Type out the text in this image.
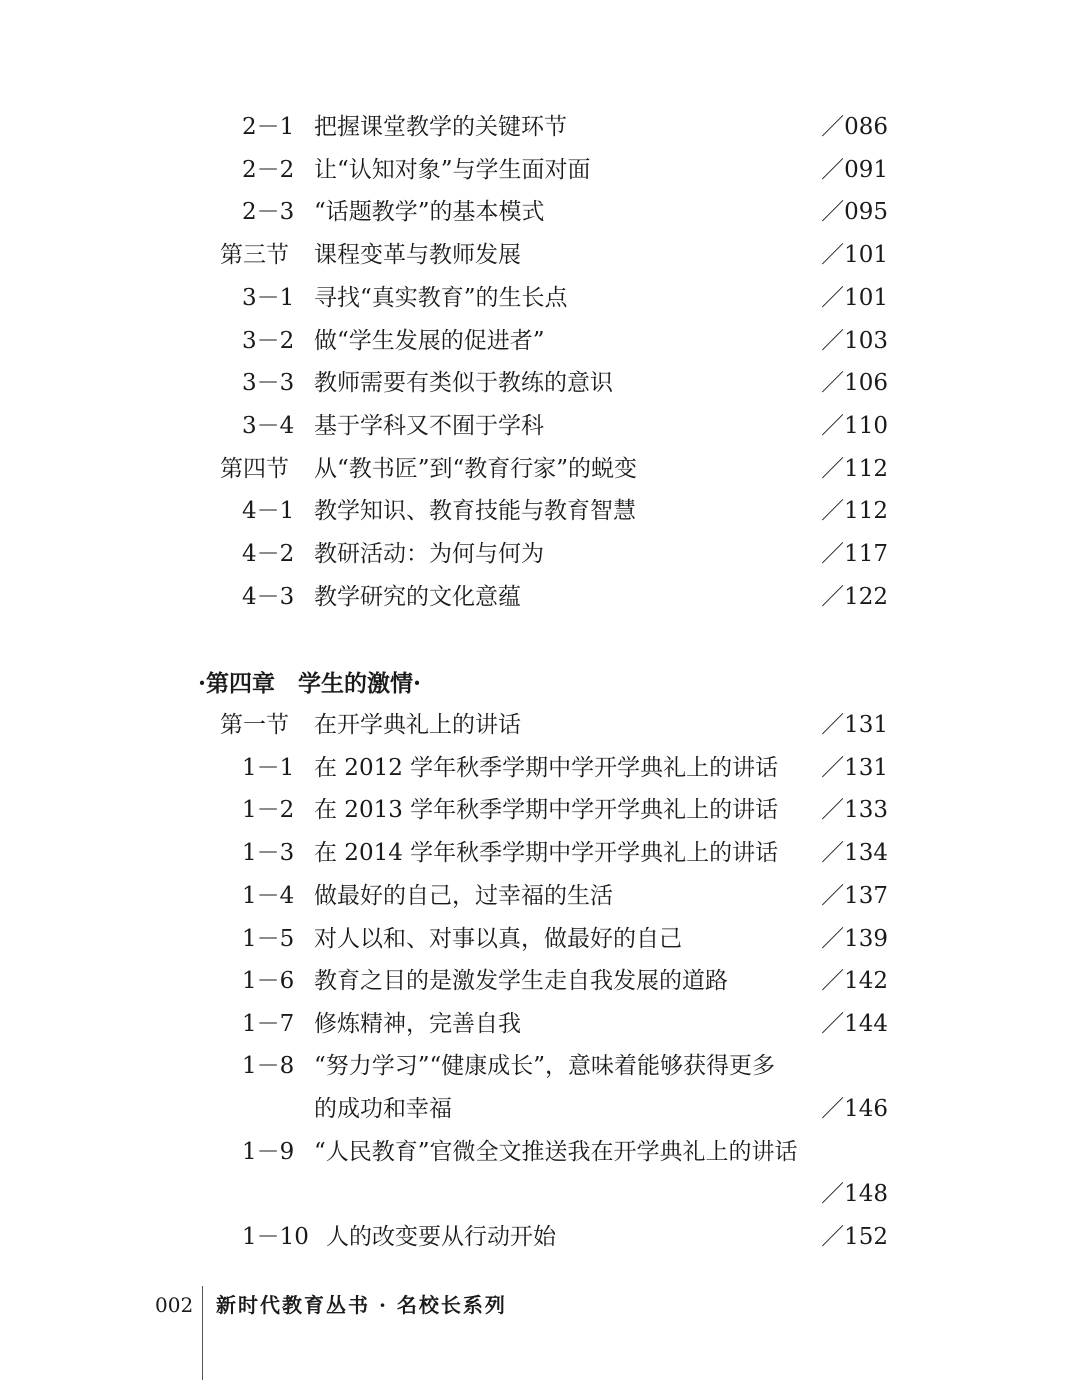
2－1 把握课堂教学的关键环节	／086
2－2 让“认知对象”与学生面对面	／091
2－3 “话题教学”的基本模式	／095
第三节 课程变革与教师发展	／101
3－1 寻找“真实教育”的生长点	／101
3－2 做“学生发展的促进者”	／103
3－3 教师需要有类似于教练的意识	／106
3－4 基于学科又不囿于学科	／110
第四节 从“教书匠”到“教育行家”的蜕变	／112
4－1 教学知识、教育技能与教育智慧	／112
4－2 教研活动：为何与何为	／117
4－3 教学研究的文化意蕴	／122
·第四章　学生的激情·
第一节 在开学典礼上的讲话	／131
1－1 在 2012 学年秋季学期中学开学典礼上的讲话 ／131
1－2 在 2013 学年秋季学期中学开学典礼上的讲话 ／133
1－3 在 2014 学年秋季学期中学开学典礼上的讲话 ／134
1－4 做最好的自己，过幸福的生活	／137
1－5 对人以和、对事以真，做最好的自己	／139
1－6 教育之目的是激发学生走自我发展的道路	／142
1－7 修炼精神，完善自我	／144
1－8 “努力学习”“健康成长”，意味着能够获得更多
的成功和幸福	／146
1－9 “人民教育”官微全文推送我在开学典礼上的讲话
／148
1－10 人的改变要从行动开始	／152
002 新时代教育丛书 · 名校长系列
